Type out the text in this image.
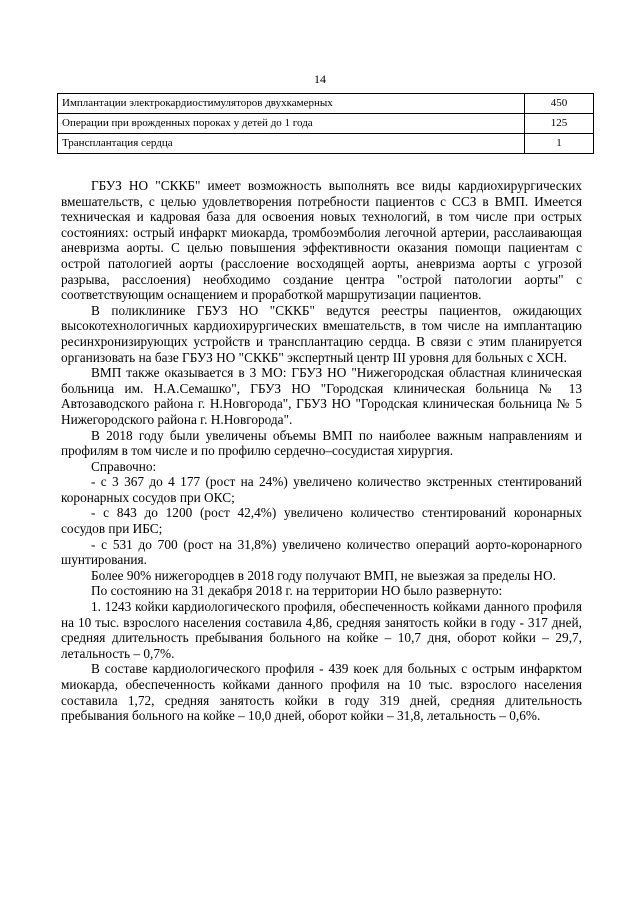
14
Имплантации электрокардиостимуляторов двухкамерных	450
Операции при врожденных пороках у детей до 1 года	125
Трансплантация сердца	1

ГБУЗ НО "СККБ" имеет возможность выполнять все виды кардиохирургических вмешательств, с целью удовлетворения потребности пациентов с ССЗ в ВМП. Имеется техническая и кадровая база для освоения новых технологий, в том числе при острых состояниях: острый инфаркт миокарда, тромбоэмболия легочной артерии, расслаивающая аневризма аорты. С целью повышения эффективности оказания помощи пациентам с острой патологией аорты (расслоение восходящей аорты, аневризма аорты с угрозой разрыва, расслоения) необходимо создание центра "острой патологии аорты" с соответствующим оснащением и проработкой маршрутизации пациентов.

В поликлинике ГБУЗ НО "СККБ" ведутся реестры пациентов, ожидающих высокотехнологичных кардиохирургических вмешательств, в том числе на имплантацию ресинхронизирующих устройств и трансплантацию сердца. В связи с этим планируется организовать на базе ГБУЗ НО "СККБ" экспертный центр III уровня для больных с ХСН.

ВМП также оказывается в 3 МО: ГБУЗ НО "Нижегородская областная клиническая больница им. Н.А.Семашко", ГБУЗ НО "Городская клиническая больница № 13 Автозаводского района г. Н.Новгорода", ГБУЗ НО "Городская клиническая больница № 5 Нижегородского района г. Н.Новгорода".

В 2018 году были увеличены объемы ВМП по наиболее важным направлениям и профилям в том числе и по профилю сердечно–сосудистая хирургия.

Справочно:

- с 3 367 до 4 177 (рост на 24%) увеличено количество экстренных стентирований коронарных сосудов при ОКС;

- с 843 до 1200 (рост 42,4%) увеличено количество стентирований коронарных сосудов при ИБС;

- с 531 до 700 (рост на 31,8%) увеличено количество операций аорто-коронарного шунтирования.

Более 90% нижегородцев в 2018 году получают ВМП, не выезжая за пределы НО.

По состоянию на 31 декабря 2018 г. на территории НО было развернуто:

1. 1243 койки кардиологического профиля, обеспеченность койками данного профиля на 10 тыс. взрослого населения составила 4,86, средняя занятость койки в году - 317 дней, средняя длительность пребывания больного на койке – 10,7 дня, оборот койки – 29,7, летальность – 0,7%.

В составе кардиологического профиля - 439 коек для больных с острым инфарктом миокарда, обеспеченность койками данного профиля на 10 тыс. взрослого населения составила 1,72, средняя занятость койки в году 319 дней, средняя длительность пребывания больного на койке – 10,0 дней, оборот койки – 31,8, летальность – 0,6%.
